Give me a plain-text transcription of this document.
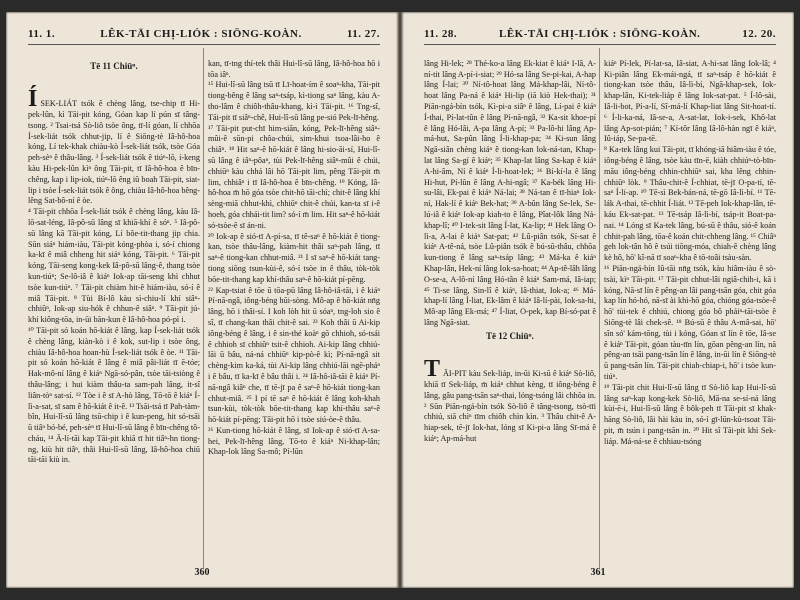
11. 1.	LÊK-TĀI CHỊ-LIỎK : SIŌNG-KOÀN.	11. 27.

Tē 11 Chiūⁿ.

Í SEK-LIÁT tsók ê chèng lâng, tse-chip tī Hi-pek-lûn, kì Tāi-pit kóng, Góan kap lí pún sī tâng-tsong. ² Tsai-tsá Sò-liô tsòe ông, tī-lí góan, lí chhōa Í-sek-liát tsók chhut-jip, lí ê Siōng-tè Iâ-hô-hoa kóng, Lí tek-khak chiàu-kò Í-sek-liát tsók, tsòe Góa peh-sèⁿ ê thâu-lâng. ³ Í-sek-liát tsók ê tiúⁿ-lō, í-keng kàu Hi-pek-lûn kìⁿ ông Tāi-pit, tī Iâ-hô-hoa ê bīn-chêng, kap i lip-iok, tiúⁿ-lō êng iû boah Tāi-pit, siat-lip i tsòe Í-sek-liát tsók ê ông, chiàu Iâ-hô-hoa bêng-lêng Sat-bô-ní ê òe.
⁴ Tāi-pit chhōa Í-sek-liát tsók ê chèng lâng, kàu Iâ-lō-sat-léng, Iâ-pô-sū lâng sī khiā-khí ê sóⁿ. ⁵ Iâ-pô-sū lâng kā Tāi-pit kóng, Lí bôe-tit-thang jip chia. Sūn siáⁿ hiám-iàu, Tāi-pit kóng-phòa i, só-í chiong ka-kī ê miâ chheng hit siáⁿ kóng, Tāi-pit. ⁶ Tāi-pit kóng, Tāi-seng kong-kek Iâ-pô-sū lâng-ê, thang tsòe kun-tiúⁿ; Se-lô-iâ ê kiáⁿ Iok-ap tāi-seng khì chhut tsòe kun-tiúⁿ. ⁷ Tāi-pit chiàm hit-ê hiám-iàu, só-í ê miâ Tāi-pit. ⁸ Tùi Bí-lô kàu sì-chiu-lí khí siâⁿ-chhiûⁿ, Iok-ap siu-hók ê chhun-ê siâⁿ. ⁹ Tāi-pit jú-khí kiông-tōa, in-ūi bān-kun ê Iâ-hô-hoa pó-pì i.
¹⁰ Tāi-pit só koán hō-kiát ê lâng, kap Í-sek-liát tsók ê chèng lâng, kiàn-kò i ê kok, sut-lip i tsòe ông, chiàu Iâ-hô-hoa hoan-hù Í-sek-liát tsók ê òe. ¹¹ Tāi-pit só koán hō-kiát ê lâng ê miâ pâi-liát tī ē-tóe; Hak-mô-ní lâng ê kiáⁿ Ngā-só-pân, tsòe tāi-tsiòng ê thâu-lâng; i hui kiàm thâu-ta sam-pah lâng, it-sî liân-tòⁿ sat-sí. ¹² Tòe i ê sī A-hò lâng, Tō-tō ê kiáⁿ Í-lì-a-sat, sī sam ê hō-kiát ê it-ê. ¹³ Tsāi-tsá tī Pah-tàm-bîn, Hui-lî-sū lâng tsū-chip i ê kun-peng, hit só-tsāi ū tiâⁿ bó-bé, peh-sèⁿ tī Hui-lî-sū lâng ê bīn-chêng tô-cháu, ¹⁴ Ā-lí-tāi kap Tāi-pit khiā tī hit tiâⁿ-hn tiong-ng, kiù hit tiâⁿ, thâi Hui-lî-sū lâng, Iâ-hô-hoa chiū tāi-tāi kiù in.

kan, tī-tng thí-tek thâi Hui-lî-sū lâng, Iâ-hô-hoa hō i tōa iâⁿ.
¹⁵ Hui-lî-sū lâng tsū tī Lī-hoat-ím ê soaⁿ-kha, Tāi-pit tiong-bêng ê lâng saⁿ-tsáp, kì-tiong saⁿ lâng, kàu A-tho-lâm ê chiôh-thâu-khang, kì-ì Tāi-pit. ¹⁶ Tng-sî, Tāi-pit tī siâⁿ-chê, Hui-lî-sū lâng pe-sió Pek-lī-hêng.
¹⁷ Tāi-pit put-chī him-siān, kóng, Pek-lī-hêng siâⁿ-mûi-ê sūn-pi chôa-chúi, sim-khui tsoa-lâi-ho ê chiâⁿ. ¹⁸ Hit saⁿ-ê hō-kiát ê lâng hi-sio-āi-sí, Hui-lî-sū lâng ê iâⁿ-pôaⁿ, tùi Pek-lī-hêng siâⁿ-mûi ê chúi, chhiūⁿ kàu chhá lâi hō Tāi-pit lim, pêng Tāi-pit m̄ lim, chhiâⁿ i tī Iâ-hô-hoa ê bīn-chêng. ¹⁹ Kóng, Iâ-hô-hoa m̄ hō góa tsòe chit-hō tāi-chì; chit-ê lâng khí sèng-miā chhut-khì, chhiūⁿ chit-ê chúi, kan-ta sī i-ê hoeh, góa chhái-tit lim? só-í m̄ lim. Hit saⁿ-ê hō-kiát só-tsòe-ê sī án-ni.
²⁰ Iok-ap ê sió-tī A-pí-sa, tī tê-saⁿ ê hō-kiát ê tiong-kan, tsòe thâu-lâng, kiàm-hit thâi saⁿ-pah lâng, tī saⁿ-ê tiong-kan chhut-miâ. ²¹ I sī saⁿ-ê hō-kiát tang-tiong siōng tsun-kùi-ê, só-í tsòe in ê thâu, tòk-tòk bōe-tit-thang kap khí-thâu saⁿ-ê hō-kiát pí-pēng.
²² Kap-tsiat ê tōe ū tōa-pū lâng Iâ-hô-iâ-tāi, i ê kiáⁿ Pí-nā-ngâ, iông-béng hūi-sòng. Mô-ap ê hō-kiát nn̄g lâng, hō i thâi-sí. I koh lòh hit ū sóaⁿ, tng-loh sio ê sî, tī chang-kan thâi chit-ê sai. ²³ Koh thâi ū Ai-kip iông-béng ê lâng, i ê sin-thé koàⁿ gō chhioh, só-tsái ê chhioh sī chhiûⁿ tsit-ê chhioh. Ai-kip lâng chhiú-lāi ū bâu, ná-ná chhiūⁿ kip-pò-ê kì; Pí-nā-ngâ sit chèng-kim ka-ká, tùi Ai-kip lâng chhiú-lāi ngē-pháⁿ i ê bâu, tī ka-kī ê bâu thâi i. ²⁴ Iâ-hô-iâ-tāi ê kiáⁿ Pí-nā-ngâ kiâⁿ che, tī tē-jī pa ê saⁿ-ê hō-kiát tiong-kan chhut-miâ. ²⁵ I pí tē saⁿ ê hō-kiát ê lâng koh-khah tsun-kùi, tòk-tòk bōe-tit-thang kap khí-thâu saⁿ-ê hō-kiát pí-pēng; Tāi-pit hō i tsòe siú-òe-ê thâu.
²⁶ Kun-tiong hō-kiát ê lâng, sī Iok-ap ê sió-tī A-sa-hei, Pek-lī-hêng lâng, Tō-to ê kiáⁿ Ni-khap-lân; Khap-lok lâng Sa-mô; Pí-lūn

360
11. 28.	LÊK-TĀI CHỊ-LIỎK : SIŌNG-KOÀN.	12. 20.

lâng Hi-lek; ²⁸ Thé-ko-a lâng Ek-kiat ê kiáⁿ I-lâ, A-ní-tit lâng A-pí-i-siat; ²⁹ Hó-sa lâng Se-pi-kai, A-hap lâng Í-lai; ³⁰ Ní-tô-hoat lâng Má-khap-lâi, Ní-tô-hoat lâng Pa-ná ê kiáⁿ Hi-lip (iā kiò Hek-thai); ³¹ Piān-ngá-bín tsók, Kì-pi-a siâⁿ ê lâng, Lí-pai ê kiáⁿ Í-thai, Pí-lat-tûn ê lâng Pí-nā-ngâ, ³² Ka-sit khoe-pí ê lâng Hó-lâi, A-pa lâng A-pí; ³³ Pa-lô-hi lâng Ap-má-hut, Sa-pûn lâng Í-li-khap-pa; ³⁴ Ki-sun lâng Ngā-siân chèng kiáⁿ ê tiong-kan lok-ná-tan, Khap-lat lâng Sa-gí ê kiáⁿ; ³⁵ Khap-lat lâng Sa-kap ê kiáⁿ A-hi-âm, Ní ê kiáⁿ Í-li-hoat-lek; ³⁶ Bí-kí-la ê lâng Hi-hut, Pí-lûn ê lâng A-hi-ngâ; ³⁷ Ka-bék lâng Hi-su-lâi, Ek-pai ê kiáⁿ Ná-lai; ³⁸ Ná-tan ê tī-hiaⁿ Iok-ní, Hak-lí ê kiáⁿ Bek-hat; ³⁹ A-bûn lâng Se-lek, Se-lú-iâ ê kiáⁿ Iok-ap kiah-to ê lâng, Pîat-lôk lâng Ná-khap-lî; ⁴⁰ I-tek-sit lâng Í-lat, Ka-lip; ⁴¹ Hek lâng O-lì-a, A-lai ê kiáⁿ Sat-pat; ⁴² Lû-piân tsók, Sí-sat ê kiáⁿ A-tê-ná, tsòe Lû-piân tsók ê bú-sū-thâu, chhōa kun-tiong ê lâng saⁿ-tsáp lâng; ⁴³ Má-ka ê kiáⁿ Khap-lân, Hek-ní lâng Iok-sa-hoat; ⁴⁴ Ap-tê-lâh lâng O-se-a, A-lô-ní lâng Hó-tân ê kiáⁿ Sam-má, Iâ-iap; ⁴⁵ Ti-se lâng, Sin-lî ê kiáⁿ, Iâ-thiat, Iok-a; ⁴⁶ Má-khap-lí lâng Í-liat, Ek-lâm ê kiáⁿ Iâ-lí-pài, Iok-sa-hi, Mô-ap lâng Ek-má; ⁴⁷ Í-liat, O-pek, kap Bí-só-pat ê lâng Ngā-siat.

Tē 12 Chiūⁿ.

T ĀI-PIT kàu Sek-liáp, in-ūi Ki-sū ê kiáⁿ Sò-liô, khiā tī Sek-liáp, m̄ kiáⁿ chhut kèng, tī iông-béng ê lâng, gâu pang-tsān saⁿ-thai, lóng-tsóng lâi chhōa in. ² Sūn Piān-ngá-bín tsók Sò-liô ê tâng-tsong, tsò-tīi chhiú, siā chìⁿ tīm chiôh chìn kìn. ³ Thâu chit-ê A-hiap-sek, tē-jī Iok-hat, lóng sī Ki-pi-a lâng Sī-má ê kiáⁿ; Ap-má-hut

kiáⁿ Pí-lek, Pí-lat-sa, Iâ-siat, A-hi-sat lâng Iok-lâ; ⁴ Ki-piân lâng Ek-mái-ngá, tī saⁿ-tsáp ê hō-kiát ê tiong-kan tsòe thâu, Iâ-lì-bí, Ngā-khap-sek, Iok-khap-lân, Ki-tek-liáp ê lâng Iok-sat-pat. ⁵ Í-lô-sài, Iâ-li-bot, Pí-a-lí, Sî-má-lí Khap-liat lâng Sit-hoat-tí. ⁶ Í-li-ka-ná, Iâ-se-a, A-sat-lat, Iok-i-sek, Khô-lat lâng Ap-sot-pián; ⁷ Kí-tôr lâng Iâ-lô-hàn ngī ê kiáⁿ, Iû-iáp, Se-pa-tē.
⁸ Ka-tek lâng kui Tāi-pit, tī khóng-iā hiâm-iàu ê tóe, iông-béng ê lâng, tsòe kàu tīn-ē, kiàh chhiúⁿ-tò-bīn-māu iông-béng chhin-chhiūⁿ sai, kha lêng chhin-chhiūⁿ lòk. ⁹ Thâu-chit-ê Í-chhiat, tē-jī O-pa-tí, tē-saⁿ Í-li-ap. ¹⁰ Tē-sì Bek-bán-ná, tē-gō Iâ-lì-bí. ¹¹ Tē-lák A-thai, tē-chhit Í-liát. ¹² Tē-peh Iok-khap-lân, tē-káu Ek-sat-pat. ¹³ Tē-tsáp Iâ-lì-bí, tsáp-it Boat-pa-nai. ¹⁴ Lóng sī Ka-tek lâng, bú-sū ê thâu, sió-ê koán chhit-pah lâng, tōa-ê koán chit-chheng lâng. ¹⁵ Chiâⁿ geh lok-tân hô ê tsúi tiōng-móa, chiah-ê chèng lâng kè hô, hō' kî-nā tī soaⁿ-kha ê tō-toâi tsàu-sàn.
¹⁶ Piān-ngá-bín Iû-tāi nn̄g tsók, kàu hiâm-iàu ê sò-tsài, kìⁿ Tāi-pit. ¹⁷ Tāi-pit chhut-lâi ngiâ-chih-i, kā i kóng, Nā-sī lín ê pêng-an lâi pang-tsān góa, chit góa kap lín hó-hó, nā-sī ài khì-hō góa, chióng góa-tsòe-ê hō' tùi-tek ê chhiú, chiong góa bô pháiⁿ-tāi-tsòe ê Siōng-tè lâi chek-sê. ¹⁸ Bú-sū ê thâu A-mâ-sai, hō' sîn só' kám-tōng, tùi i kóng, Góan sī lín ê tōe, Iâ-se ê kiáⁿ Tāi-pit, góan tàu-tīn lín, gōan pêng-an lín, nā pêng-an tsāi pang-tsān lín ê lâng, in-ūi lín ê Siōng-tè ū pang-tsān lín. Tāi-pit chiah-chiap-i, hō' i tsòe kun-tiúⁿ.
¹⁹ Tāi-pit chit Hui-lî-sū lâng tī Sò-liô kap Hui-lî-sū lâng saⁿ-kap kong-kek Sò-liô, Mā-na se-sí-ná lâng kùi-ē-i, Hui-lî-sū lâng ê bôk-peh tī Tāi-pit sī khak-hāng Sò-liô, lâi hài kàu in, só-í gī-lūn-kù-tsoat Tāi-pit, m̄ tsún i pang-tsān in. ²⁰ Hit sî Tāi-pit khì Sek-liáp. Má-ná-se ê chhiau-tsóng

361
